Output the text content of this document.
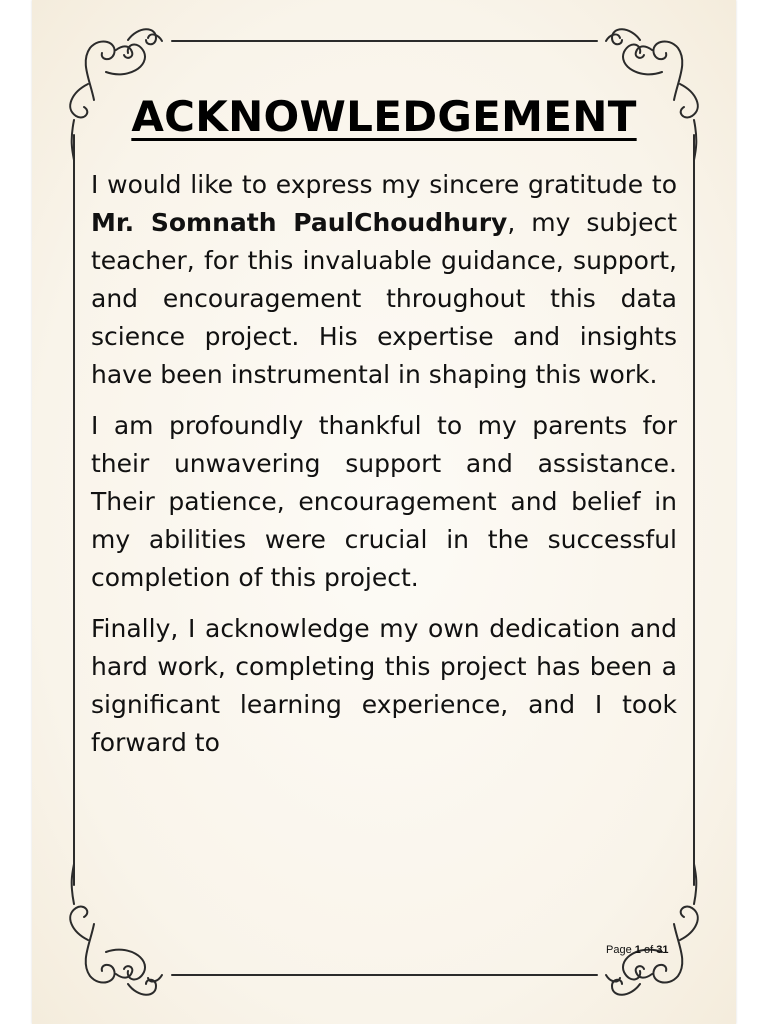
ACKNOWLEDGEMENT

I would like to express my sincere gratitude to Mr. Somnath PaulChoudhury, my subject teacher, for this invaluable guidance, support, and encouragement throughout this data science project. His expertise and insights have been instrumental in shaping this work.

I am profoundly thankful to my parents for their unwavering support and assistance. Their patience, encouragement and belief in my abilities were crucial in the successful completion of this project.

Finally, I acknowledge my own dedication and hard work, completing this project has been a significant learning experience, and I took forward to

Page 1 of 31
